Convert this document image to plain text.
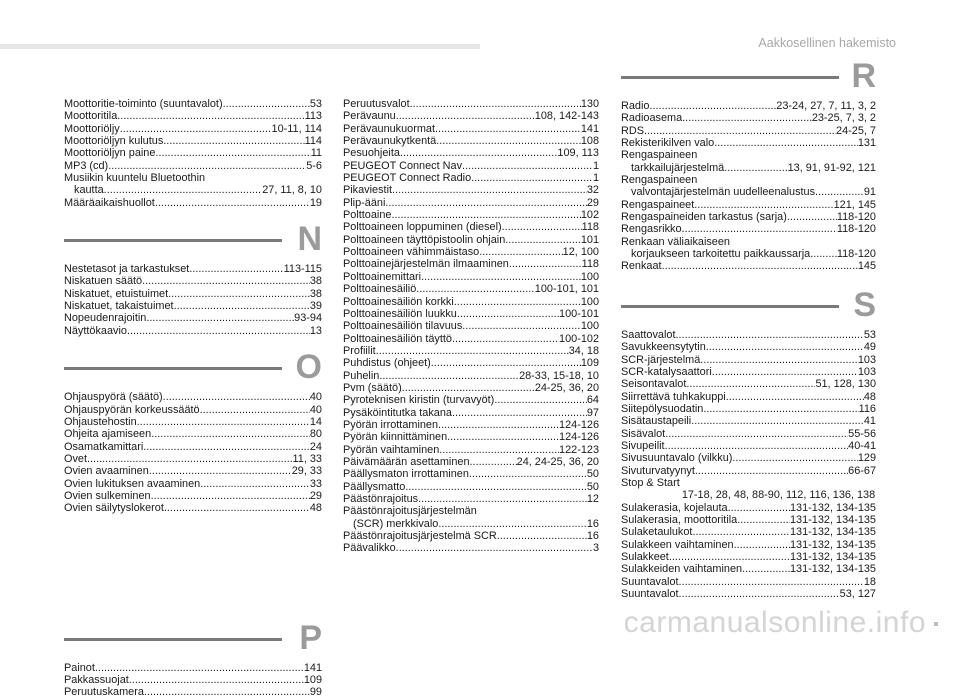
Aakkosellinen hakemisto
Moottoritie-toiminto (suuntavalot) .....	53
Moottoritila .....	113
Moottoriöljy .....	10-11, 114
Moottoriöljyn kulutus .....	114
Moottoriöljyn paine .....	11
MP3 (cd) .....	5-6
Musiikin kuuntelu Bluetoothin
kautta .....	27, 11, 8, 10
Määräaikaishuollot .....	19
N
Nestetasot ja tarkastukset .....	113-115
Niskatuen säätö .....	38
Niskatuet, etuistuimet .....	38
Niskatuet, takaistuimet .....	39
Nopeudenrajoitin .....	93-94
Näyttökaavio .....	13
O
Ohjauspyörä (säätö) .....	40
Ohjauspyörän korkeussäätö .....	40
Ohjaustehostin .....	14
Ohjeita ajamiseen .....	80
Osamatkamittari .....	24
Ovet .....	11, 33
Ovien avaaminen .....	29, 33
Ovien lukituksen avaaminen .....	33
Ovien sulkeminen .....	29
Ovien säilytyslokerot .....	48
P
Painot .....	141
Pakkassuojat .....	109
Peruutuskamera .....	99
Peruutusvalot .....	130
Perävaunu .....	108, 142-143
Perävaunukuormat .....	141
Perävaunukytkentä .....	108
Pesuohjeita .....	109, 113
PEUGEOT Connect Nav .....	1
PEUGEOT Connect Radio .....	1
Pikaviestit .....	32
Plip-ääni .....	29
Polttoaine .....	102
Polttoaineen loppuminen (diesel) .....	118
Polttoaineen täyttöpistoolin ohjain .....	101
Polttoaineen vähimmäistaso .....	12, 100
Polttoainejärjestelmän ilmaaminen .....	118
Polttoainemittari .....	100
Polttoainesäiliö .....	100-101, 101
Polttoainesäiliön korkki .....	100
Polttoainesäiliön luukku .....	100-101
Polttoainesäiliön tilavuus .....	100
Polttoainesäiliön täyttö .....	100-102
Profiilit .....	34, 18
Puhdistus (ohjeet) .....	109
Puhelin .....	28-33, 15-18, 10
Pvm (säätö) .....	24-25, 36, 20
Pyroteknisen kiristin (turvavyöt) .....	64
Pysäköintitutka takana .....	97
Pyörän irrottaminen .....	124-126
Pyörän kiinnittäminen .....	124-126
Pyörän vaihtaminen .....	122-123
Päivämäärän asettaminen .....	24, 24-25, 36, 20
Päällysmaton irrottaminen .....	50
Päällysmatto .....	50
Päästönrajoitus .....	12
Päästönrajoitusjärjestelmän
(SCR) merkkivalo .....	16
Päästönrajoitusjärjestelmä SCR .....	16
Päävalikko .....	3
R
Radio .....	23-24, 27, 7, 11, 3, 2
Radioasema .....	23-25, 7, 3, 2
RDS .....	24-25, 7
Rekisterikilven valo .....	131
Rengaspaineen
tarkkailujärjestelmä .....	13, 91, 91-92, 121
Rengaspaineen
valvontajärjestelmän uudelleenalustus .....	91
Rengaspaineet .....	121, 145
Rengaspaineiden tarkastus (sarja) .....	118-120
Rengasrikko .....	118-120
Renkaan väliaikaiseen
korjaukseen tarkoitettu paikkaussarja ..... 118-120
Renkaat .....	145
S
Saattovalot .....	53
Savukkeensytytin .....	49
SCR-järjestelmä .....	103
SCR-katalysaattori .....	103
Seisontavalot .....	51, 128, 130
Siirrettävä tuhkakuppi .....	48
Siitepölysuodatin .....	116
Sisätaustapeili .....	41
Sisävalot .....	55-56
Sivupeilit .....	40-41
Sivusuuntavalo (vilkku) .....	129
Sivuturvatyynyt .....	66-67
Stop & Start
17-18, 28, 48, 88-90, 112, 116, 136, 138
Sulakerasia, kojelauta .....	131-132, 134-135
Sulakerasia, moottoritila .....	131-132, 134-135
Sulaketaulukot .....	131-132, 134-135
Sulakkeen vaihtaminen .....	131-132, 134-135
Sulakkeet .....	131-132, 134-135
Sulakkeiden vaihtaminen .....	131-132, 134-135
Suuntavalot .....	18
Suuntavalot .....	53, 127
carmanualsonline.info
